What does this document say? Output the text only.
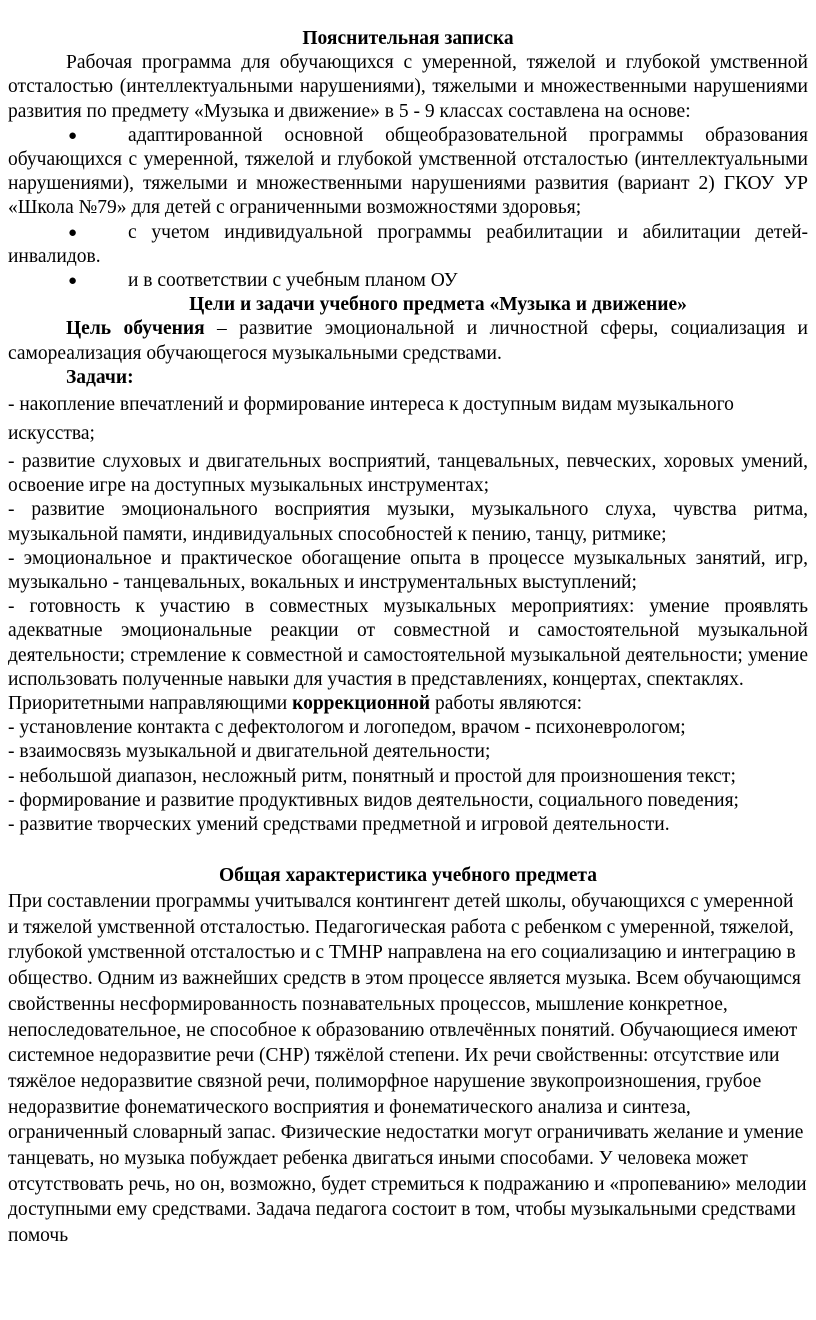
Пояснительная записка

Рабочая программа для обучающихся с умеренной, тяжелой и глубокой умственной отсталостью (интеллектуальными нарушениями), тяжелыми и множественными нарушениями развития по предмету «Музыка и движение» в 5 - 9 классах составлена на основе:

●	адаптированной основной общеобразовательной программы образования обучающихся с умеренной, тяжелой и глубокой умственной отсталостью (интеллектуальными нарушениями), тяжелыми и множественными нарушениями развития (вариант 2) ГКОУ УР «Школа №79» для детей с ограниченными возможностями здоровья;

●	с учетом индивидуальной программы реабилитации и абилитации детей-инвалидов.

●	и в соответствии с учебным планом ОУ

Цели и задачи учебного предмета «Музыка и движение»

Цель обучения – развитие эмоциональной и личностной сферы, социализация и самореализация обучающегося музыкальными средствами.

Задачи:

- накопление впечатлений и формирование интереса к доступным видам музыкального искусства;

- развитие слуховых и двигательных восприятий, танцевальных, певческих, хоровых умений, освоение игре на доступных музыкальных инструментах;

- развитие эмоционального восприятия музыки, музыкального слуха, чувства ритма, музыкальной памяти, индивидуальных способностей к пению, танцу, ритмике;

- эмоциональное и практическое обогащение опыта в процессе музыкальных занятий, игр, музыкально - танцевальных, вокальных и инструментальных выступлений;

- готовность к участию в совместных музыкальных мероприятиях: умение проявлять адекватные эмоциональные реакции от совместной и самостоятельной музыкальной деятельности; стремление к совместной и самостоятельной музыкальной деятельности; умение использовать полученные навыки для участия в представлениях, концертах, спектаклях.

Приоритетными направляющими коррекционной работы являются:

- установление контакта с дефектологом и логопедом, врачом - психоневрологом;

- взаимосвязь музыкальной и двигательной деятельности;

- небольшой диапазон, несложный ритм, понятный и простой для произношения текст;

- формирование и развитие продуктивных видов деятельности, социального поведения;

- развитие творческих умений средствами предметной и игровой деятельности.

Общая характеристика учебного предмета

При составлении программы учитывался контингент детей школы, обучающихся с умеренной и тяжелой умственной отсталостью. Педагогическая работа с ребенком с умеренной, тяжелой, глубокой умственной отсталостью и с ТМНР направлена на его социализацию и интеграцию в общество. Одним из важнейших средств в этом процессе является музыка. Всем обучающимся свойственны несформированность познавательных процессов, мышление конкретное, непоследовательное, не способное к образованию отвлечённых понятий. Обучающиеся имеют системное недоразвитие речи (СНР) тяжёлой степени. Их речи свойственны: отсутствие или тяжёлое недоразвитие связной речи, полиморфное нарушение звукопроизношения, грубое недоразвитие фонематического восприятия и фонематического анализа и синтеза, ограниченный словарный запас. Физические недостатки могут ограничивать желание и умение танцевать, но музыка побуждает ребенка двигаться иными способами. У человека может отсутствовать речь, но он, возможно, будет стремиться к подражанию и «пропеванию» мелодии доступными ему средствами. Задача педагога состоит в том, чтобы музыкальными средствами помочь
